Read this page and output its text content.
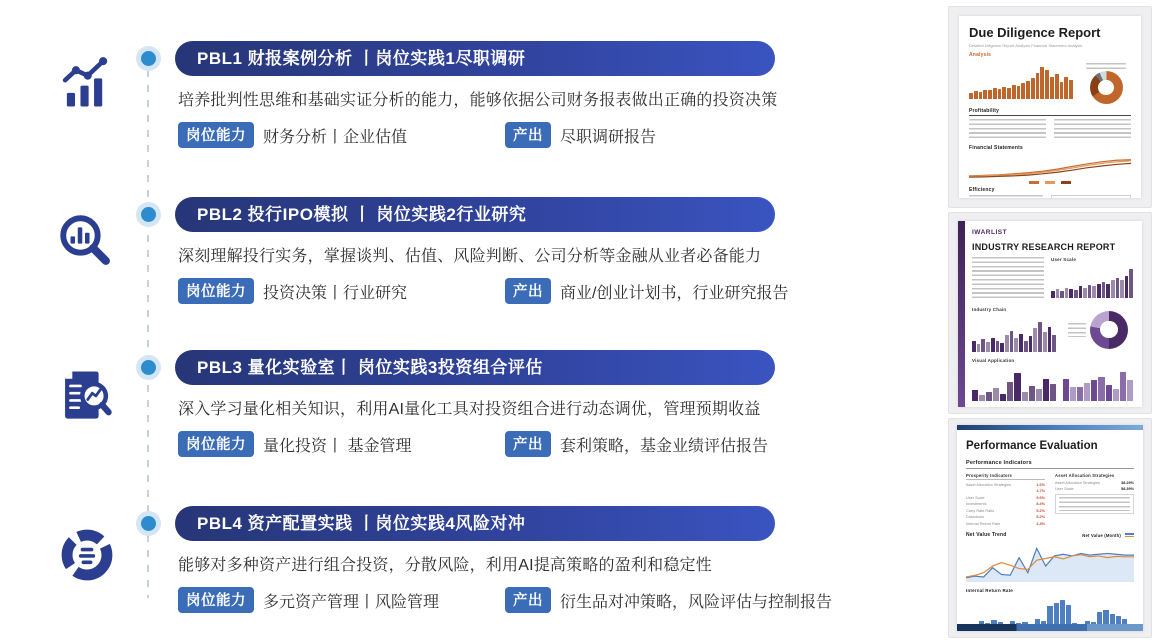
PBL1 财报案例分析 丨岗位实践1尽职调研
培养批判性思维和基础实证分析的能力，能够依据公司财务报表做出正确的投资决策
岗位能力	财务分析丨企业估值	产出	尽职调研报告
PBL2 投行IPO模拟 丨 岗位实践2行业研究
深刻理解投行实务，掌握谈判、估值、风险判断、公司分析等金融从业者必备能力
岗位能力	投资决策丨行业研究	产出	商业/创业计划书，行业研究报告
PBL3 量化实验室丨 岗位实践3投资组合评估
深入学习量化相关知识，利用AI量化工具对投资组合进行动态调优，管理预期收益
岗位能力	量化投资丨 基金管理	产出	套利策略，基金业绩评估报告
PBL4 资产配置实践 丨岗位实践4风险对冲
能够对多种资产进行组合投资，分散风险，利用AI提高策略的盈利和稳定性
岗位能力	多元资产管理丨风险管理	产出	衍生品对冲策略，风险评估与控制报告
Due Diligence Report
Detailed Diligence Report Analysis Financial Statement Analysis
Analysis
Profitability
Financial Statements
Efficiency
IWARLIST
INDUSTRY RESEARCH REPORT
User Scale
Industry Chain
Visual Application
Performance Evaluation
Performance Indicators
Prosperity Indicators
Asset Allocation Strategies	1.6%
4.7%
User Scale	9.6%
Investments	8.4%
Carry Rate Ratio	5.2%
Drawdown	5.2%
Internal Return Rate	2.3%
Asset Allocation Strategies
Asset Allocation Strategies	38.29%
User Scale	58.39%
Net Value Trend	Net Value (Month)
Internal Return Rate
